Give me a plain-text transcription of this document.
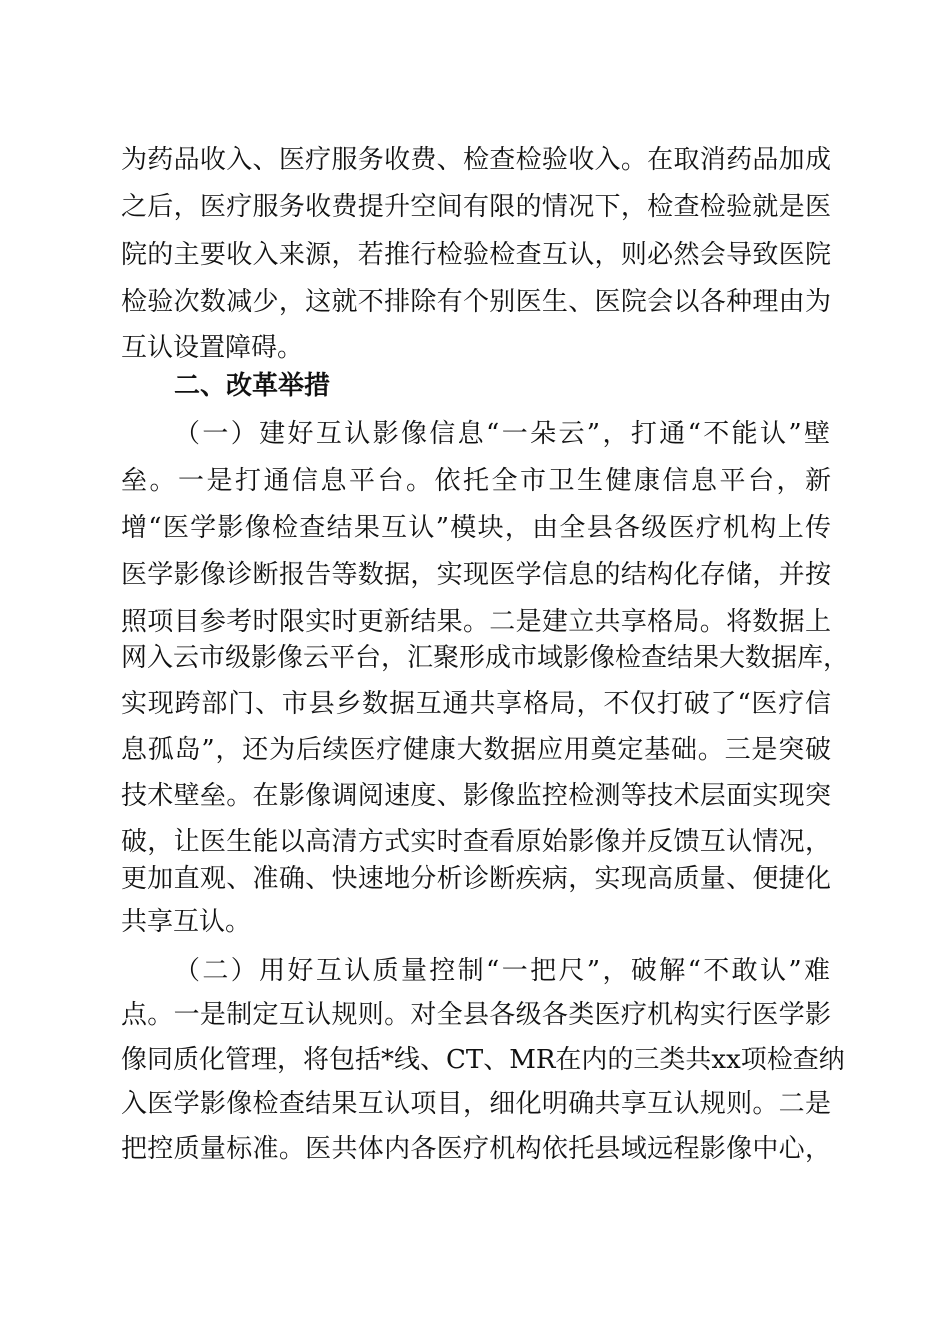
为药品收入、医疗服务收费、检查检验收入。在取消药品加成
之后，医疗服务收费提升空间有限的情况下，检查检验就是医
院的主要收入来源，若推行检验检查互认，则必然会导致医院
检验次数减少，这就不排除有个别医生、医院会以各种理由为
互认设置障碍。
二、改革举措
（一）建好互认影像信息“一朵云”，打通“不能认”壁
垒。一是打通信息平台。依托全市卫生健康信息平台，新
增“医学影像检查结果互认”模块，由全县各级医疗机构上传
医学影像诊断报告等数据，实现医学信息的结构化存储，并按
照项目参考时限实时更新结果。二是建立共享格局。将数据上
网入云市级影像云平台，汇聚形成市域影像检查结果大数据库，
实现跨部门、市县乡数据互通共享格局，不仅打破了“医疗信
息孤岛”，还为后续医疗健康大数据应用奠定基础。三是突破
技术壁垒。在影像调阅速度、影像监控检测等技术层面实现突
破，让医生能以高清方式实时查看原始影像并反馈互认情况，
更加直观、准确、快速地分析诊断疾病，实现高质量、便捷化
共享互认。
（二）用好互认质量控制“一把尺”，破解“不敢认”难
点。一是制定互认规则。对全县各级各类医疗机构实行医学影
像同质化管理，将包括*线、CT、MR在内的三类共xx项检查纳
入医学影像检查结果互认项目，细化明确共享互认规则。二是
把控质量标准。医共体内各医疗机构依托县域远程影像中心，
